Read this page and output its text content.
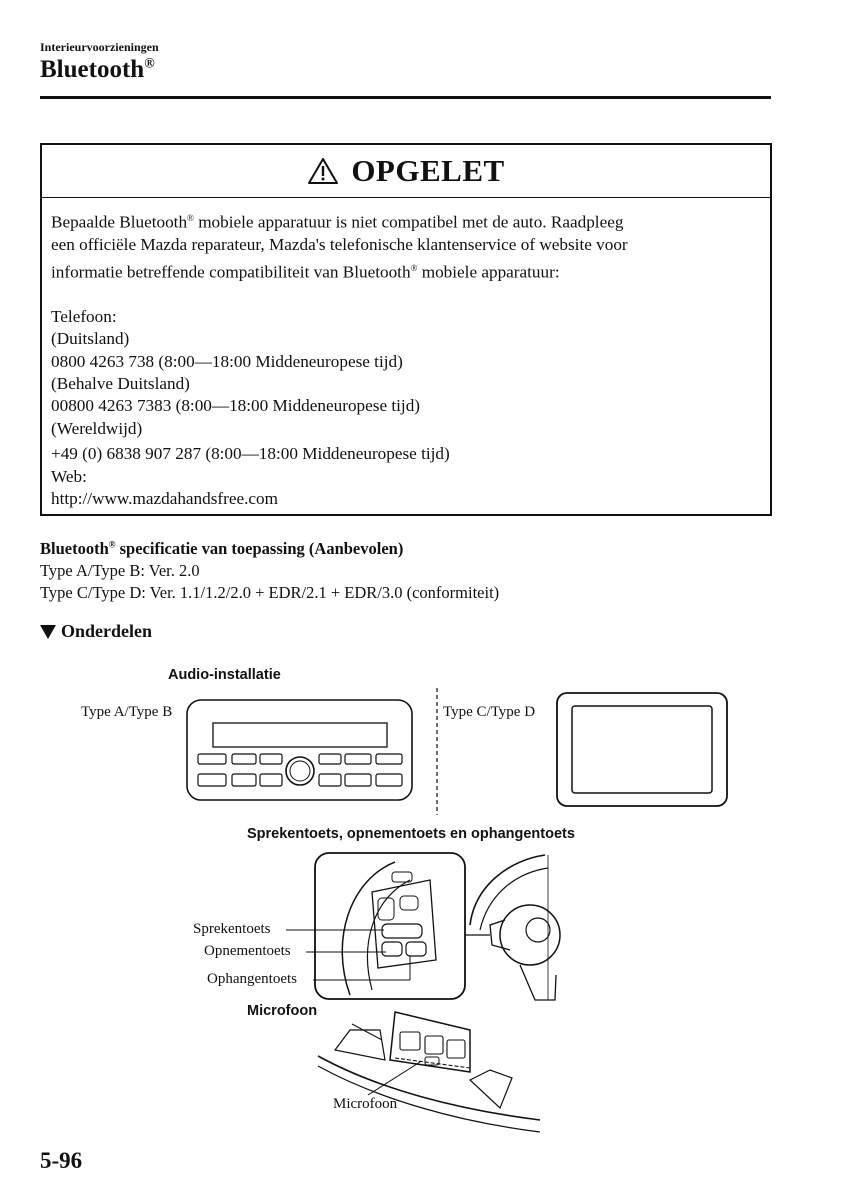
Interieurvoorzieningen
Bluetooth®
OPGELET

Bepaalde Bluetooth® mobiele apparatuur is niet compatibel met de auto. Raadpleeg
een officiële Mazda reparateur, Mazda's telefonische klantenservice of website voor
informatie betreffende compatibiliteit van Bluetooth® mobiele apparatuur:

Telefoon:

(Duitsland)

0800 4263 738 (8:00—18:00 Middeneuropese tijd)

(Behalve Duitsland)

00800 4263 7383 (8:00—18:00 Middeneuropese tijd)

(Wereldwijd)

+49 (0) 6838 907 287 (8:00—18:00 Middeneuropese tijd)

Web:

http://www.mazdahandsfree.com

Bluetooth® specificatie van toepassing (Aanbevolen)
Type A/Type B: Ver. 2.0
Type C/Type D: Ver. 1.1/1.2/2.0 + EDR/2.1 + EDR/3.0 (conformiteit)
Onderdelen
Audio-installatie
Type A/Type B	Type C/Type D
Sprekentoets, opnementoets en ophangentoets
Sprekentoets
Opnementoets
Ophangentoets
Microfoon
Microfoon
5-96
